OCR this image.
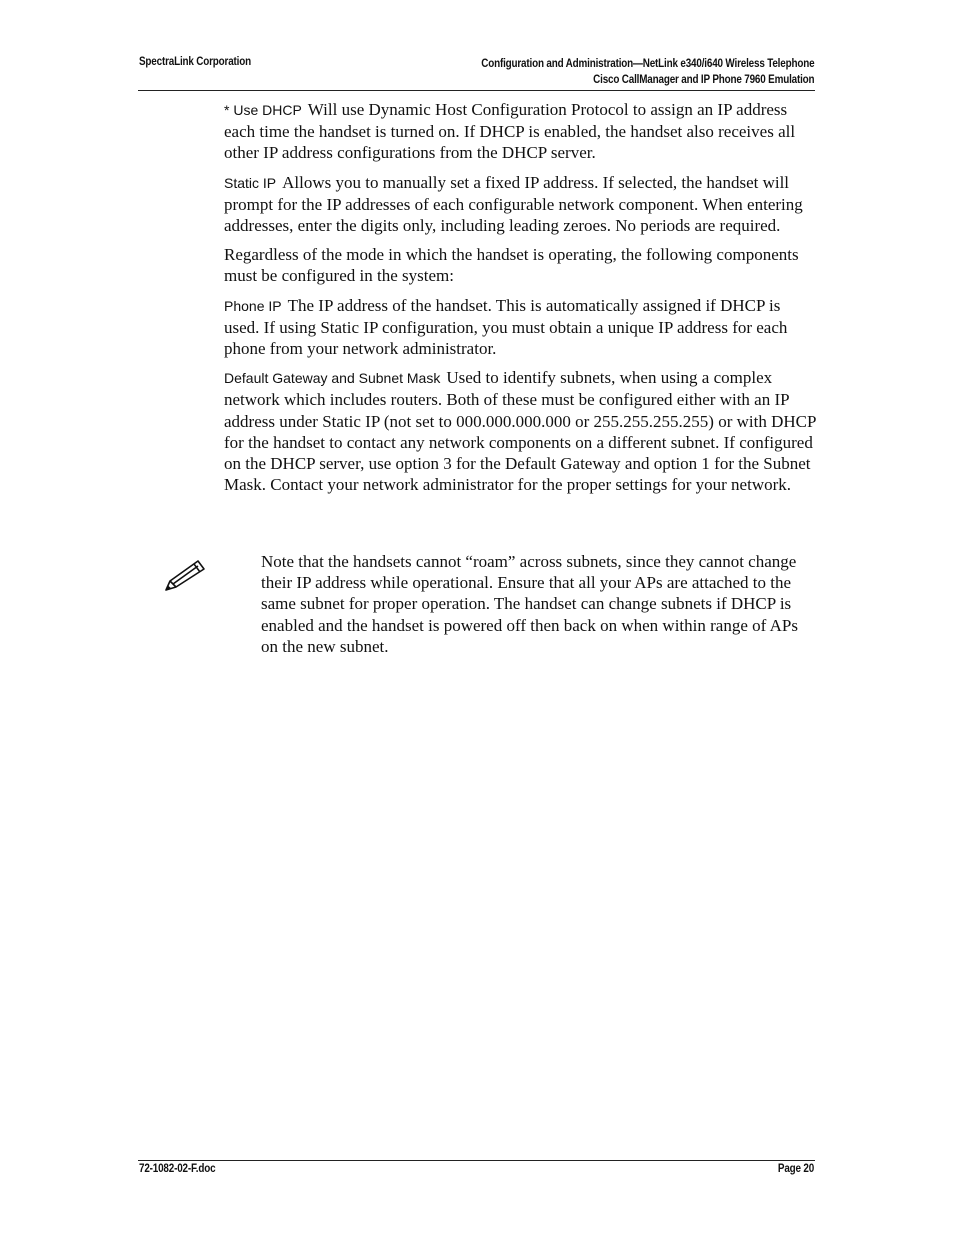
SpectraLink Corporation	Configuration and Administration—NetLink e340/i640 Wireless Telephone
Cisco CallManager and IP Phone 7960 Emulation

* Use DHCP Will use Dynamic Host Configuration Protocol to assign an IP address each time the handset is turned on. If DHCP is enabled, the handset also receives all other IP address configurations from the DHCP server.

Static IP Allows you to manually set a fixed IP address. If selected, the handset will prompt for the IP addresses of each configurable network component. When entering addresses, enter the digits only, including leading zeroes. No periods are required.

Regardless of the mode in which the handset is operating, the following components must be configured in the system:

Phone IP The IP address of the handset. This is automatically assigned if DHCP is used. If using Static IP configuration, you must obtain a unique IP address for each phone from your network administrator.

Default Gateway and Subnet Mask Used to identify subnets, when using a complex network which includes routers. Both of these must be configured either with an IP address under Static IP (not set to 000.000.000.000 or 255.255.255.255) or with DHCP for the handset to contact any network components on a different subnet. If configured on the DHCP server, use option 3 for the Default Gateway and option 1 for the Subnet Mask. Contact your network administrator for the proper settings for your network.

Note that the handsets cannot “roam” across subnets, since they cannot change their IP address while operational. Ensure that all your APs are attached to the same subnet for proper operation. The handset can change subnets if DHCP is enabled and the handset is powered off then back on when within range of APs on the new subnet.

72-1082-02-F.doc	Page 20
